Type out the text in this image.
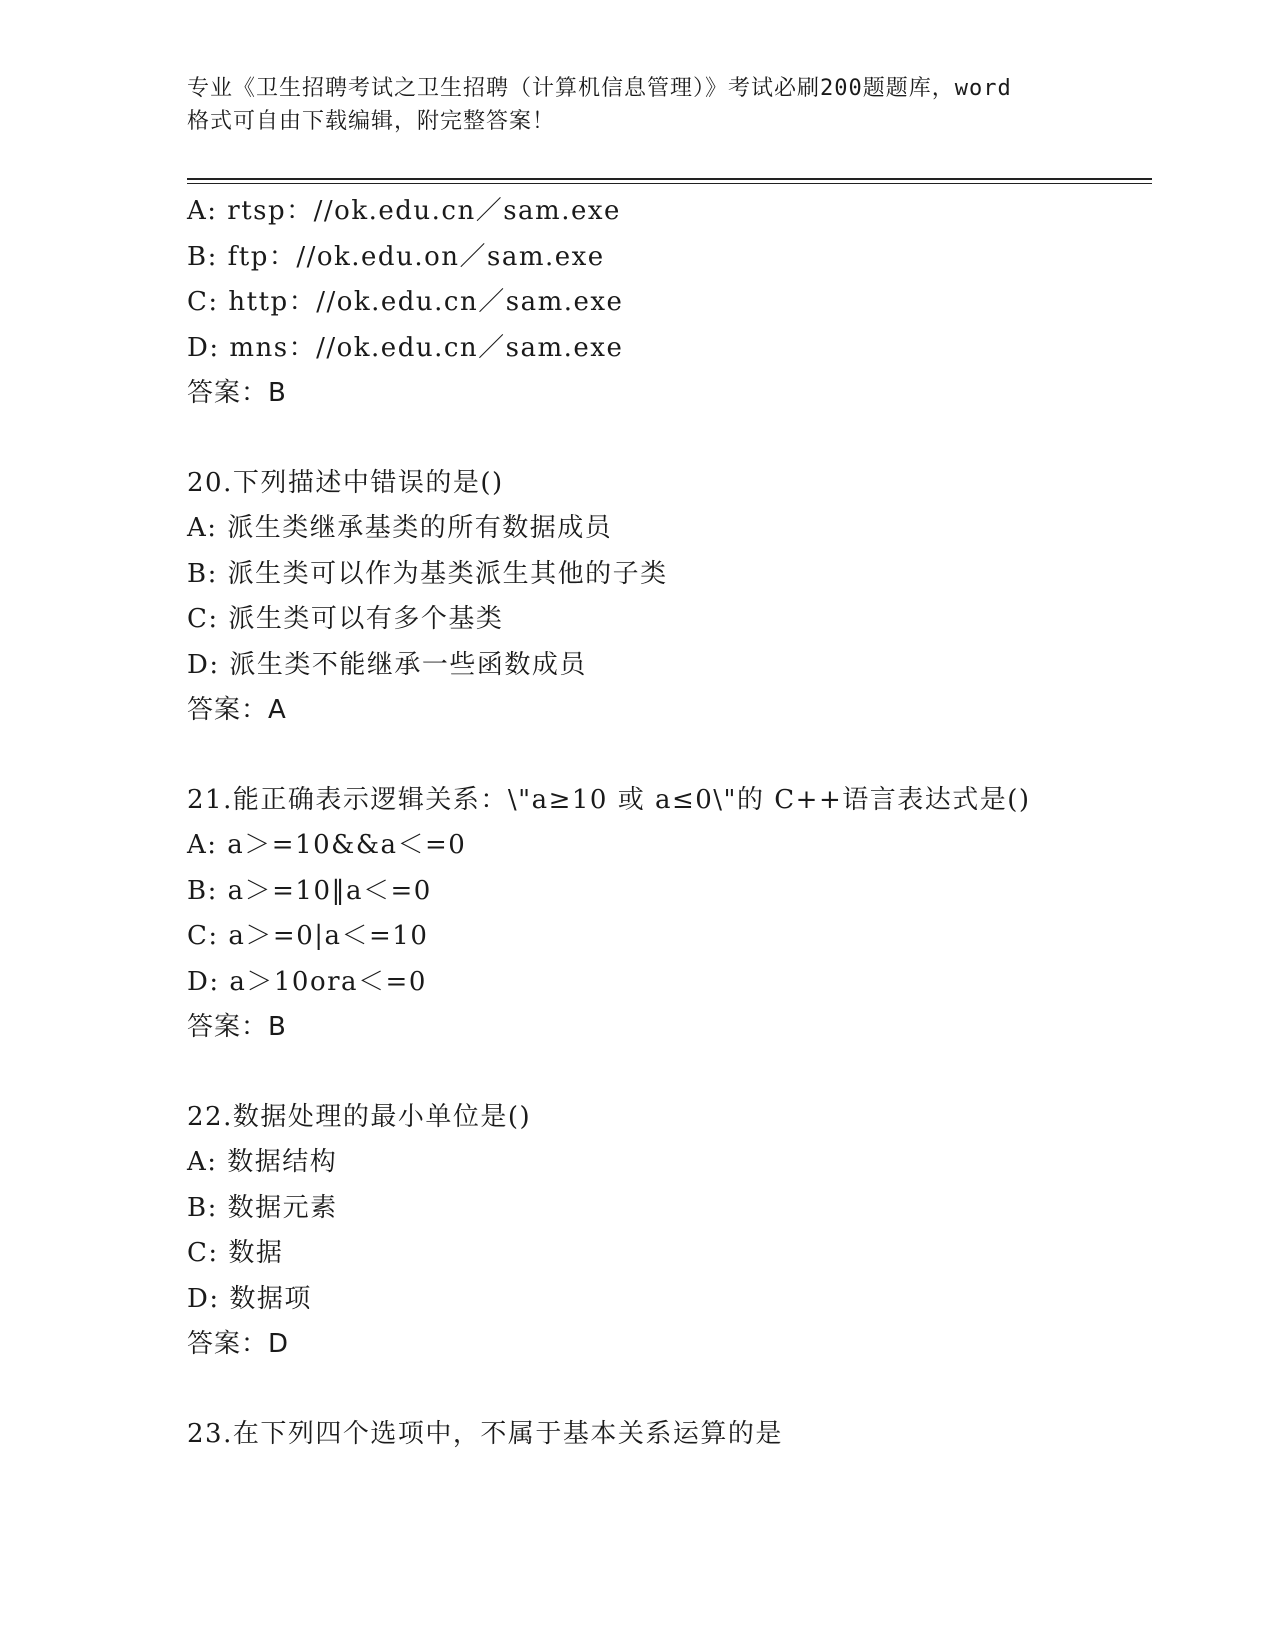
专业《卫生招聘考试之卫生招聘（计算机信息管理）》考试必刷200题题库，word
格式可自由下载编辑，附完整答案！
A: rtsp：//ok.edu.cn／sam.exe
B: ftp：//ok.edu.on／sam.exe
C: http：//ok.edu.cn／sam.exe
D: mns：//ok.edu.cn／sam.exe
答案：B
20.下列描述中错误的是()
A: 派生类继承基类的所有数据成员
B: 派生类可以作为基类派生其他的子类
C: 派生类可以有多个基类
D: 派生类不能继承一些函数成员
答案：A
21.能正确表示逻辑关系：\"a≥10 或 a≤0\"的 C++语言表达式是()
A: a＞=10&&a＜=0
B: a＞=10‖a＜=0
C: a＞=0|a＜=10
D: a＞10ora＜=0
答案：B
22.数据处理的最小单位是()
A: 数据结构
B: 数据元素
C: 数据
D: 数据项
答案：D
23.在下列四个选项中，不属于基本关系运算的是
